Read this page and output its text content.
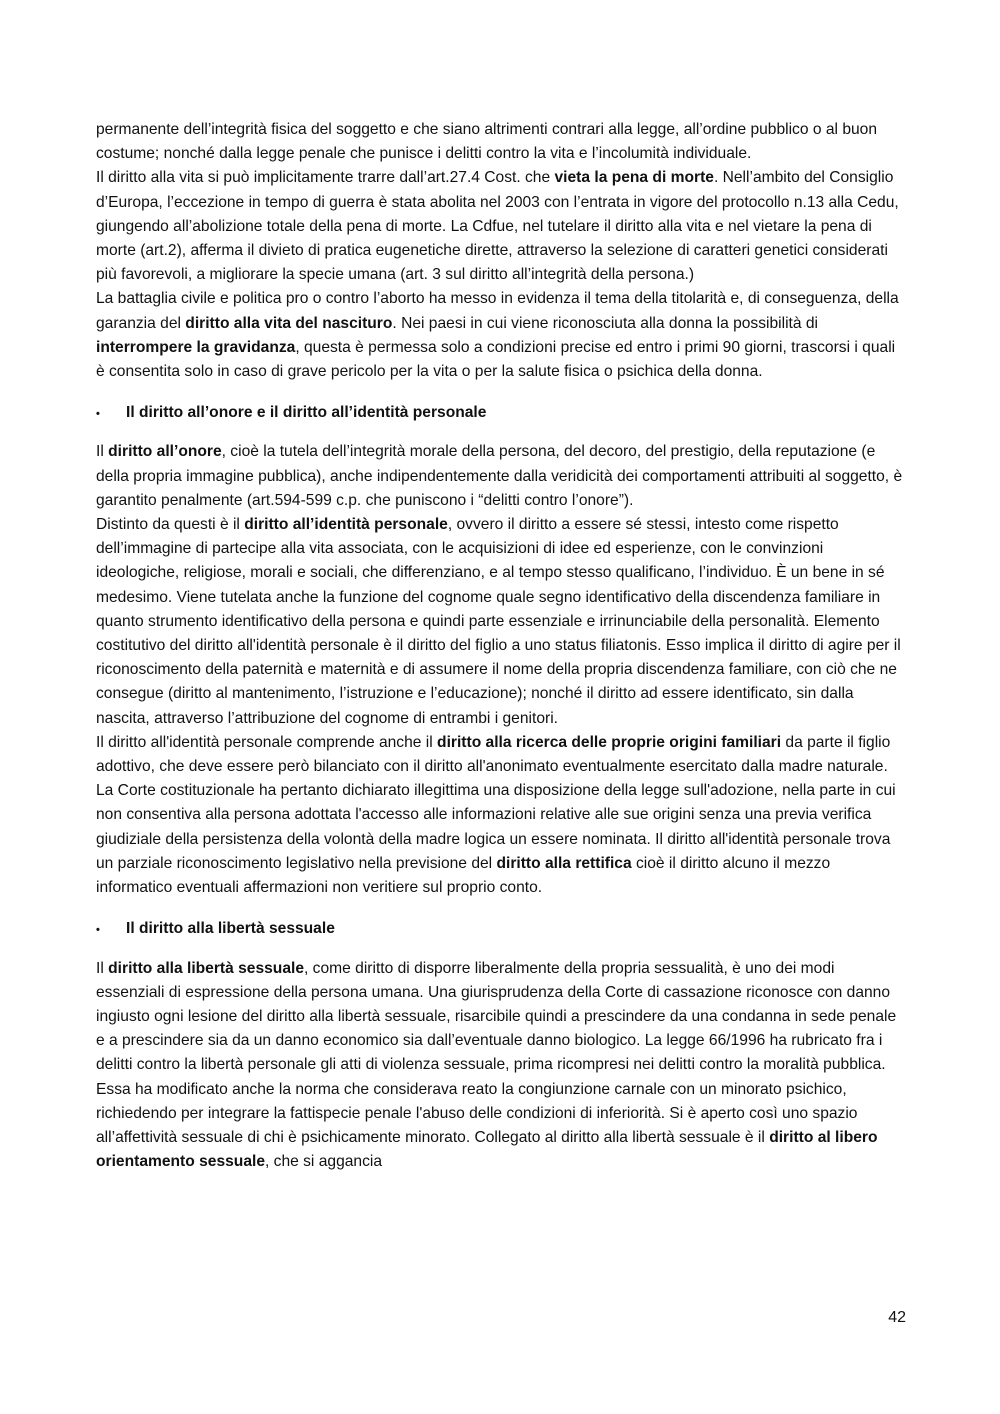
permanente dell’integrità fisica del soggetto e che siano altrimenti contrari alla legge, all’ordine pubblico o al buon costume; nonché dalla legge penale che punisce i delitti contro la vita e l’incolumità individuale.
Il diritto alla vita si può implicitamente trarre dall’art.27.4 Cost. che vieta la pena di morte. Nell’ambito del Consiglio d’Europa, l’eccezione in tempo di guerra è stata abolita nel 2003 con l’entrata in vigore del protocollo n.13 alla Cedu, giungendo all’abolizione totale della pena di morte. La Cdfue, nel tutelare il diritto alla vita e nel vietare la pena di morte (art.2), afferma il divieto di pratica eugenetiche dirette, attraverso la selezione di caratteri genetici considerati più favorevoli, a migliorare la specie umana (art. 3 sul diritto all’integrità della persona.)
La battaglia civile e politica pro o contro l’aborto ha messo in evidenza il tema della titolarità e, di conseguenza, della garanzia del diritto alla vita del nascituro. Nei paesi in cui viene riconosciuta alla donna la possibilità di interrompere la gravidanza, questa è permessa solo a condizioni precise ed entro i primi 90 giorni, trascorsi i quali è consentita solo in caso di grave pericolo per la vita o per la salute fisica o psichica della donna.
•	Il diritto all’onore e il diritto all’identità personale
Il diritto all’onore, cioè la tutela dell’integrità morale della persona, del decoro, del prestigio, della reputazione (e della propria immagine pubblica), anche indipendentemente dalla veridicità dei comportamenti attribuiti al soggetto, è garantito penalmente (art.594-599 c.p. che puniscono i “delitti contro l’onore”).
Distinto da questi è il diritto all’identità personale, ovvero il diritto a essere sé stessi, intesto come rispetto dell’immagine di partecipe alla vita associata, con le acquisizioni di idee ed esperienze, con le convinzioni ideologiche, religiose, morali e sociali, che differenziano, e al tempo stesso qualificano, l’individuo. È un bene in sé medesimo. Viene tutelata anche la funzione del cognome quale segno identificativo della discendenza familiare in quanto strumento identificativo della persona e quindi parte essenziale e irrinunciabile della personalità. Elemento costitutivo del diritto all'identità personale è il diritto del figlio a uno status filiatonis. Esso implica il diritto di agire per il riconoscimento della paternità e maternità e di assumere il nome della propria discendenza familiare, con ciò che ne consegue (diritto al mantenimento, l’istruzione e l’educazione); nonché il diritto ad essere identificato, sin dalla nascita, attraverso l’attribuzione del cognome di entrambi i genitori.
Il diritto all'identità personale comprende anche il diritto alla ricerca delle proprie origini familiari da parte il figlio adottivo, che deve essere però bilanciato con il diritto all'anonimato eventualmente esercitato dalla madre naturale. La Corte costituzionale ha pertanto dichiarato illegittima una disposizione della legge sull'adozione, nella parte in cui non consentiva alla persona adottata l'accesso alle informazioni relative alle sue origini senza una previa verifica giudiziale della persistenza della volontà della madre logica un essere nominata. Il diritto all'identità personale trova un parziale riconoscimento legislativo nella previsione del diritto alla rettifica cioè il diritto alcuno il mezzo informatico eventuali affermazioni non veritiere sul proprio conto.
•	Il diritto alla libertà sessuale
Il diritto alla libertà sessuale, come diritto di disporre liberalmente della propria sessualità, è uno dei modi essenziali di espressione della persona umana. Una giurisprudenza della Corte di cassazione riconosce con danno ingiusto ogni lesione del diritto alla libertà sessuale, risarcibile quindi a prescindere da una condanna in sede penale e a prescindere sia da un danno economico sia dall’eventuale danno biologico. La legge 66/1996 ha rubricato fra i delitti contro la libertà personale gli atti di violenza sessuale, prima ricompresi nei delitti contro la moralità pubblica. Essa ha modificato anche la norma che considerava reato la congiunzione carnale con un minorato psichico, richiedendo per integrare la fattispecie penale l'abuso delle condizioni di inferiorità. Si è aperto così uno spazio all’affettività sessuale di chi è psichicamente minorato. Collegato al diritto alla libertà sessuale è il diritto al libero orientamento sessuale, che si aggancia
42
